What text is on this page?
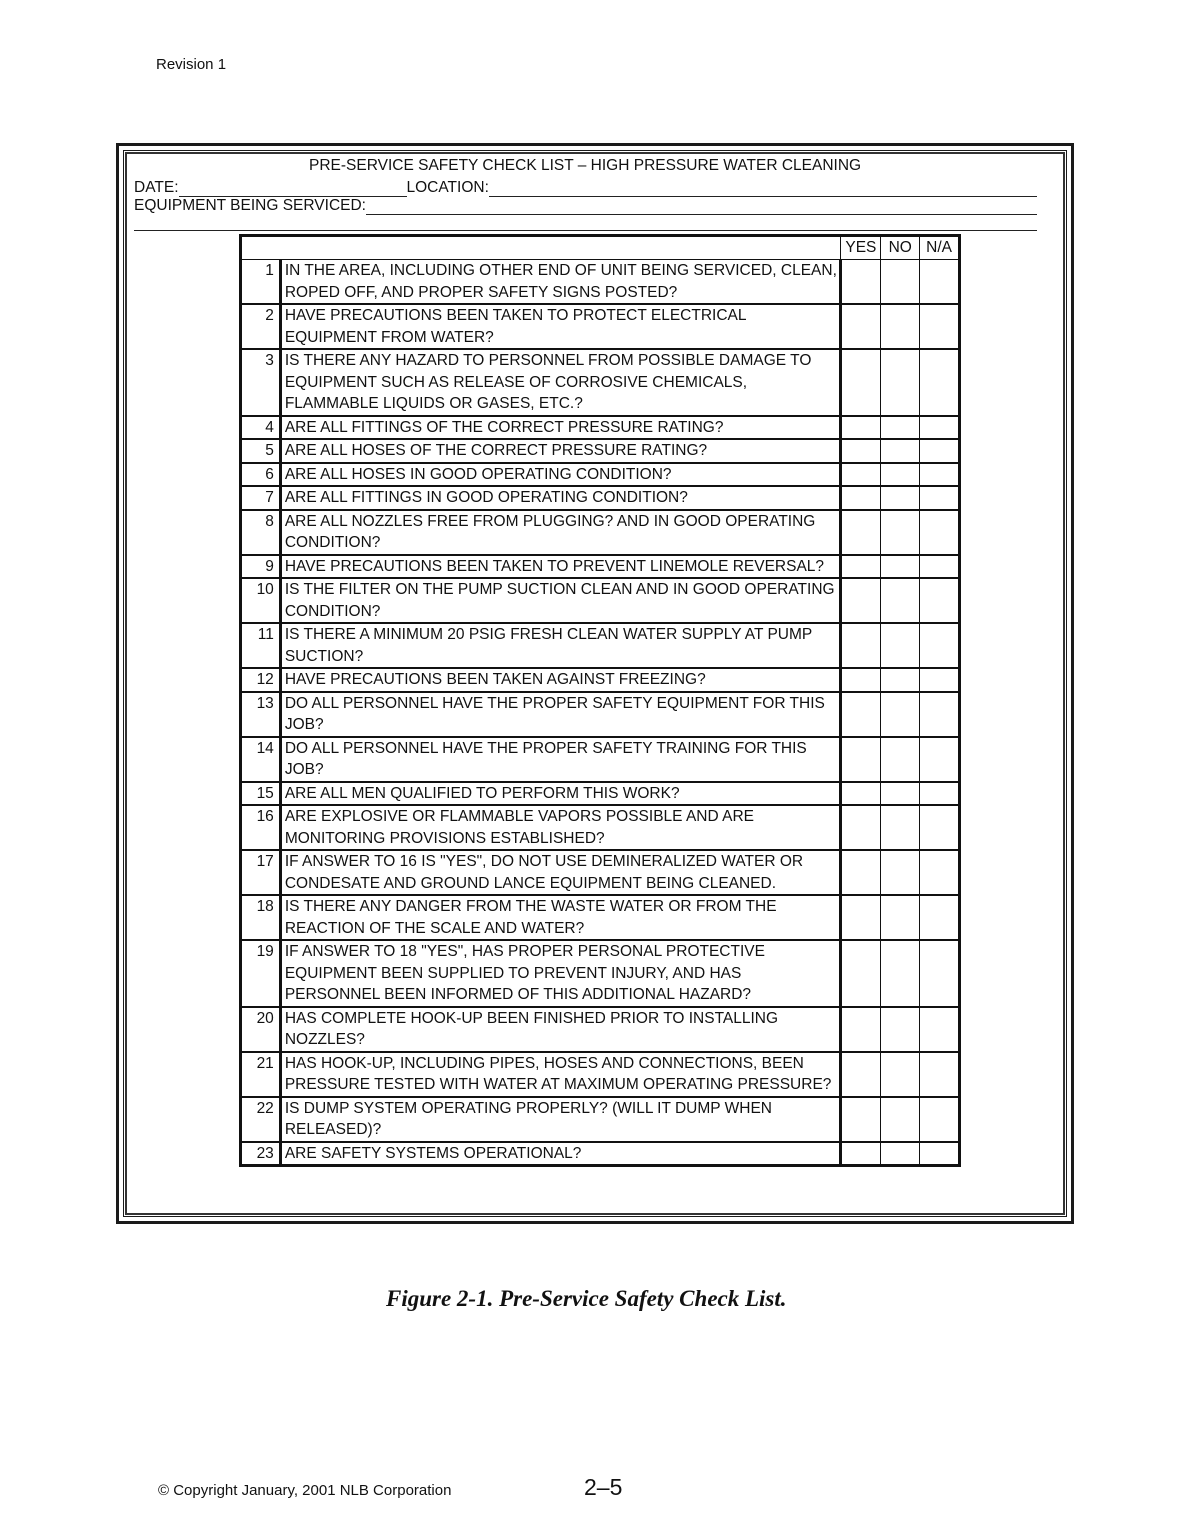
Revision 1
PRE-SERVICE SAFETY CHECK LIST – HIGH PRESSURE WATER CLEANING
DATE:	LOCATION:
EQUIPMENT BEING SERVICED:
		YES	NO	N/A
1	IN THE AREA, INCLUDING OTHER END OF UNIT BEING SERVICED, CLEAN, ROPED OFF, AND PROPER SAFETY SIGNS POSTED?			
2	HAVE PRECAUTIONS BEEN TAKEN TO PROTECT ELECTRICAL EQUIPMENT FROM WATER?			
3	IS THERE ANY HAZARD TO PERSONNEL FROM POSSIBLE DAMAGE TO EQUIPMENT SUCH AS RELEASE OF CORROSIVE CHEMICALS, FLAMMABLE LIQUIDS OR GASES, ETC.?			
4	ARE ALL FITTINGS OF THE CORRECT PRESSURE RATING?			
5	ARE ALL HOSES OF THE CORRECT PRESSURE RATING?			
6	ARE ALL HOSES IN GOOD OPERATING CONDITION?			
7	ARE ALL FITTINGS IN GOOD OPERATING CONDITION?			
8	ARE ALL NOZZLES FREE FROM PLUGGING? AND IN GOOD OPERATING CONDITION?			
9	HAVE PRECAUTIONS BEEN TAKEN TO PREVENT LINEMOLE REVERSAL?			
10	IS THE FILTER ON THE PUMP SUCTION CLEAN AND IN GOOD OPERATING CONDITION?			
11	IS THERE A MINIMUM 20 PSIG FRESH CLEAN WATER SUPPLY AT PUMP SUCTION?			
12	HAVE PRECAUTIONS BEEN TAKEN AGAINST FREEZING?			
13	DO ALL PERSONNEL HAVE THE PROPER SAFETY EQUIPMENT FOR THIS JOB?			
14	DO ALL PERSONNEL HAVE THE PROPER SAFETY TRAINING FOR THIS JOB?			
15	ARE ALL MEN QUALIFIED TO PERFORM THIS WORK?			
16	ARE EXPLOSIVE OR FLAMMABLE VAPORS POSSIBLE AND ARE MONITORING PROVISIONS ESTABLISHED?			
17	IF ANSWER TO 16 IS "YES", DO NOT USE DEMINERALIZED WATER OR CONDESATE AND GROUND LANCE EQUIPMENT BEING CLEANED.			
18	IS THERE ANY DANGER FROM THE WASTE WATER OR FROM THE REACTION OF THE SCALE AND WATER?			
19	IF ANSWER TO 18 "YES", HAS PROPER PERSONAL PROTECTIVE EQUIPMENT BEEN SUPPLIED TO PREVENT INJURY, AND HAS PERSONNEL BEEN INFORMED OF THIS ADDITIONAL HAZARD?			
20	HAS COMPLETE HOOK-UP BEEN FINISHED PRIOR TO INSTALLING NOZZLES?			
21	HAS HOOK-UP, INCLUDING PIPES, HOSES AND CONNECTIONS, BEEN PRESSURE TESTED WITH WATER AT MAXIMUM OPERATING PRESSURE?			
22	IS DUMP SYSTEM OPERATING PROPERLY? (WILL IT DUMP WHEN RELEASED)?			
23	ARE SAFETY SYSTEMS OPERATIONAL?			
Figure 2-1. Pre-Service Safety Check List.
© Copyright January, 2001 NLB Corporation	2–5
